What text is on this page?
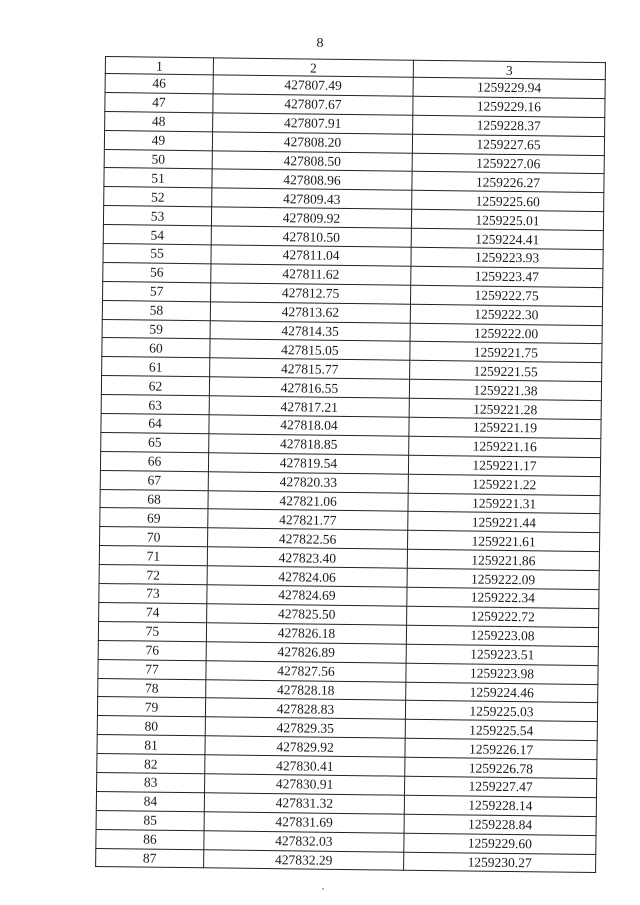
8
1	2	3
46	427807.49	1259229.94
47	427807.67	1259229.16
48	427807.91	1259228.37
49	427808.20	1259227.65
50	427808.50	1259227.06
51	427808.96	1259226.27
52	427809.43	1259225.60
53	427809.92	1259225.01
54	427810.50	1259224.41
55	427811.04	1259223.93
56	427811.62	1259223.47
57	427812.75	1259222.75
58	427813.62	1259222.30
59	427814.35	1259222.00
60	427815.05	1259221.75
61	427815.77	1259221.55
62	427816.55	1259221.38
63	427817.21	1259221.28
64	427818.04	1259221.19
65	427818.85	1259221.16
66	427819.54	1259221.17
67	427820.33	1259221.22
68	427821.06	1259221.31
69	427821.77	1259221.44
70	427822.56	1259221.61
71	427823.40	1259221.86
72	427824.06	1259222.09
73	427824.69	1259222.34
74	427825.50	1259222.72
75	427826.18	1259223.08
76	427826.89	1259223.51
77	427827.56	1259223.98
78	427828.18	1259224.46
79	427828.83	1259225.03
80	427829.35	1259225.54
81	427829.92	1259226.17
82	427830.41	1259226.78
83	427830.91	1259227.47
84	427831.32	1259228.14
85	427831.69	1259228.84
86	427832.03	1259229.60
87	427832.29	1259230.27
